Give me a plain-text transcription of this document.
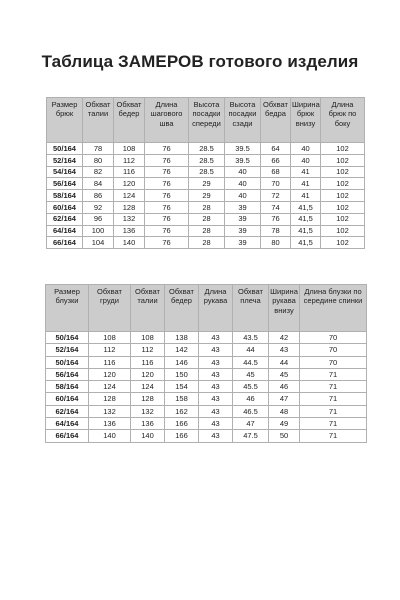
Таблица ЗАМЕРОВ готового изделия
Размер брюк	Обхват талии	Обхват бедер	Длина шагового шва	Высота посадки спереди	Высота посадки сзади	Обхват бедра	Ширина брюк внизу	Длина брюк по боку
50/164	78	108	76	28.5	39.5	64	40	102
52/164	80	112	76	28.5	39.5	66	40	102
54/164	82	116	76	28.5	40	68	41	102
56/164	84	120	76	29	40	70	41	102
58/164	86	124	76	29	40	72	41	102
60/164	92	128	76	28	39	74	41,5	102
62/164	96	132	76	28	39	76	41,5	102
64/164	100	136	76	28	39	78	41,5	102
66/164	104	140	76	28	39	80	41,5	102
Размер блузки	Обхват груди	Обхват талии	Обхват бедер	Длина рукава	Обхват плеча	Ширина рукава внизу	Длина блузки по середине спинки
50/164	108	108	138	43	43.5	42	70
52/164	112	112	142	43	44	43	70
50/164	116	116	146	43	44.5	44	70
56/164	120	120	150	43	45	45	71
58/164	124	124	154	43	45.5	46	71
60/164	128	128	158	43	46	47	71
62/164	132	132	162	43	46.5	48	71
64/164	136	136	166	43	47	49	71
66/164	140	140	166	43	47.5	50	71
